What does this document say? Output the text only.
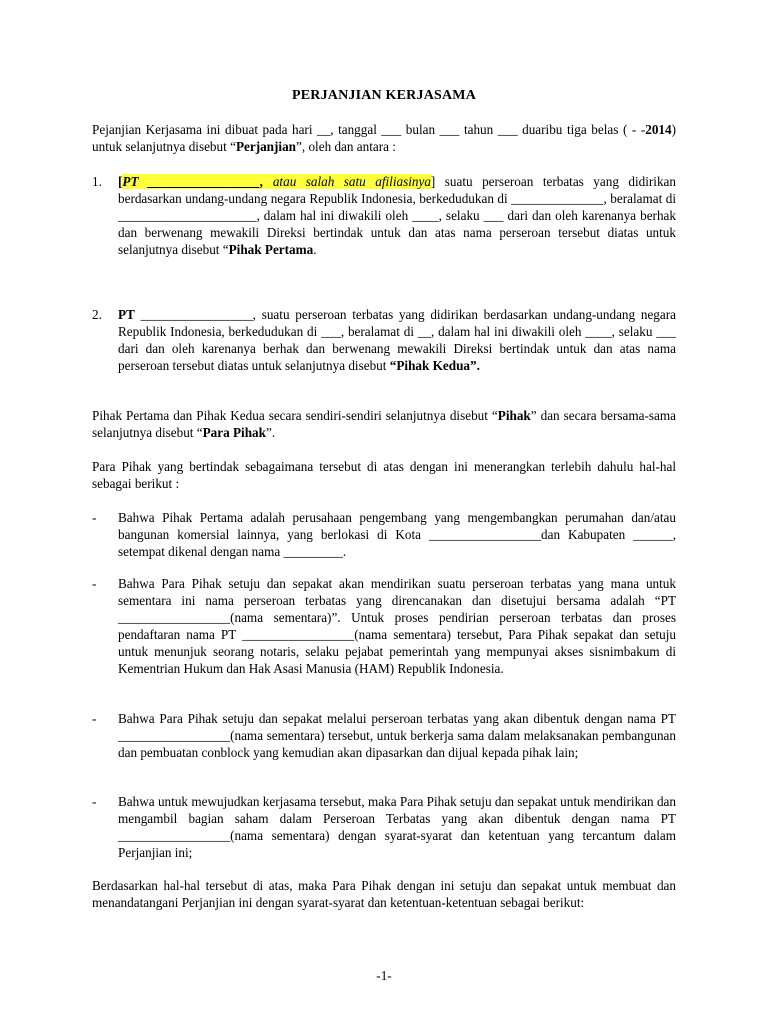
PERJANJIAN KERJASAMA

Pejanjian Kerjasama ini dibuat pada hari __, tanggal ___ bulan ___ tahun ___ duaribu tiga belas ( - -2014) untuk selanjutnya disebut “Perjanjian”, oleh dan antara :

1. [PT _________________, atau salah satu afiliasinya] suatu perseroan terbatas yang didirikan berdasarkan undang-undang negara Republik Indonesia, berkedudukan di ______________, beralamat di _____________________, dalam hal ini diwakili oleh ____, selaku ___ dari dan oleh karenanya berhak dan berwenang mewakili Direksi bertindak untuk dan atas nama perseroan tersebut diatas untuk selanjutnya disebut “Pihak Pertama.

2. PT _________________, suatu perseroan terbatas yang didirikan berdasarkan undang-undang negara Republik Indonesia, berkedudukan di ___, beralamat di __, dalam hal ini diwakili oleh ____, selaku ___ dari dan oleh karenanya berhak dan berwenang mewakili Direksi bertindak untuk dan atas nama perseroan tersebut diatas untuk selanjutnya disebut “Pihak Kedua”.

Pihak Pertama dan Pihak Kedua secara sendiri-sendiri selanjutnya disebut “Pihak” dan secara bersama-sama selanjutnya disebut “Para Pihak”.

Para Pihak yang bertindak sebagaimana tersebut di atas dengan ini menerangkan terlebih dahulu hal-hal sebagai berikut :

- Bahwa Pihak Pertama adalah perusahaan pengembang yang mengembangkan perumahan dan/atau bangunan komersial lainnya, yang berlokasi di Kota _________________dan Kabupaten ______, setempat dikenal dengan nama _________.

- Bahwa Para Pihak setuju dan sepakat akan mendirikan suatu perseroan terbatas yang mana untuk sementara ini nama perseroan terbatas yang direncanakan dan disetujui bersama adalah “PT _________________(nama sementara)”. Untuk proses pendirian perseroan terbatas dan proses pendaftaran nama PT _________________(nama sementara) tersebut, Para Pihak sepakat dan setuju untuk menunjuk seorang notaris, selaku pejabat pemerintah yang mempunyai akses sisnimbakum di Kementrian Hukum dan Hak Asasi Manusia (HAM) Republik Indonesia.

- Bahwa Para Pihak setuju dan sepakat melalui perseroan terbatas yang akan dibentuk dengan nama PT _________________(nama sementara) tersebut, untuk berkerja sama dalam melaksanakan pembangunan dan pembuatan conblock yang kemudian akan dipasarkan dan dijual kepada pihak lain;

- Bahwa untuk mewujudkan kerjasama tersebut, maka Para Pihak setuju dan sepakat untuk mendirikan dan mengambil bagian saham dalam Perseroan Terbatas yang akan dibentuk dengan nama PT _________________(nama sementara) dengan syarat-syarat dan ketentuan yang tercantum dalam Perjanjian ini;

Berdasarkan hal-hal tersebut di atas, maka Para Pihak dengan ini setuju dan sepakat untuk membuat dan menandatangani Perjanjian ini dengan syarat-syarat dan ketentuan-ketentuan sebagai berikut:

-1-
